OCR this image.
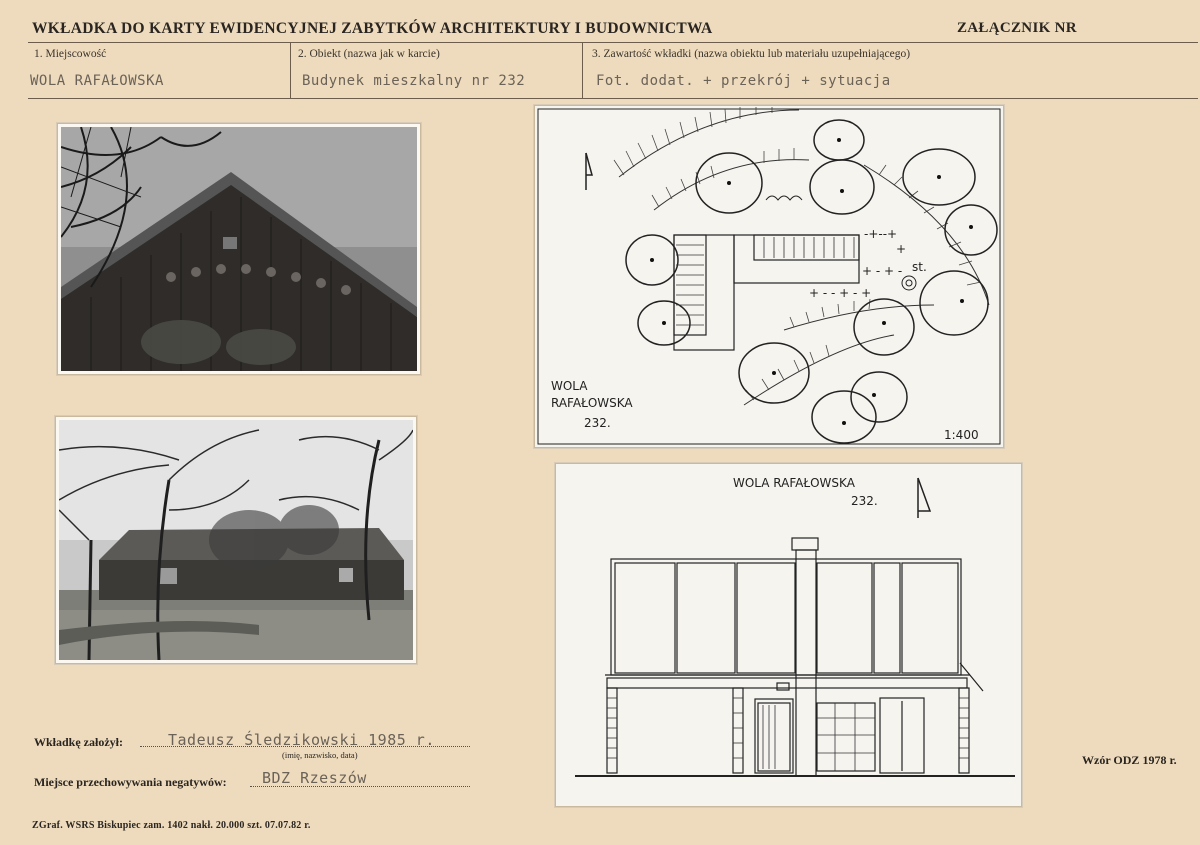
WKŁADKA DO KARTY EWIDENCYJNEJ ZABYTKÓW ARCHITEKTURY I BUDOWNICTWA	ZAŁĄCZNIK NR
1. Miejscowość
WOLA RAFAŁOWSKA
2. Obiekt (nazwa jak w karcie)
Budynek mieszkalny nr 232
3. Zawartość wkładki (nazwa obiektu lub materiału uzupełniającego)
Fot. dodat. + przekrój + sytuacja
-+--+
+
+ - + -
+ - - + - +
st.
WOLA
RAFAŁOWSKA
232.
1:400
WOLA RAFAŁOWSKA
232.
Wkładkę założył:	Tadeusz Śledzikowski 1985 r.
(imię, nazwisko, data)
Miejsce przechowywania negatywów: BDZ Rzeszów
Wzór ODZ 1978 r.
ZGraf. WSRS Biskupiec zam. 1402 nakł. 20.000 szt. 07.07.82 r.
